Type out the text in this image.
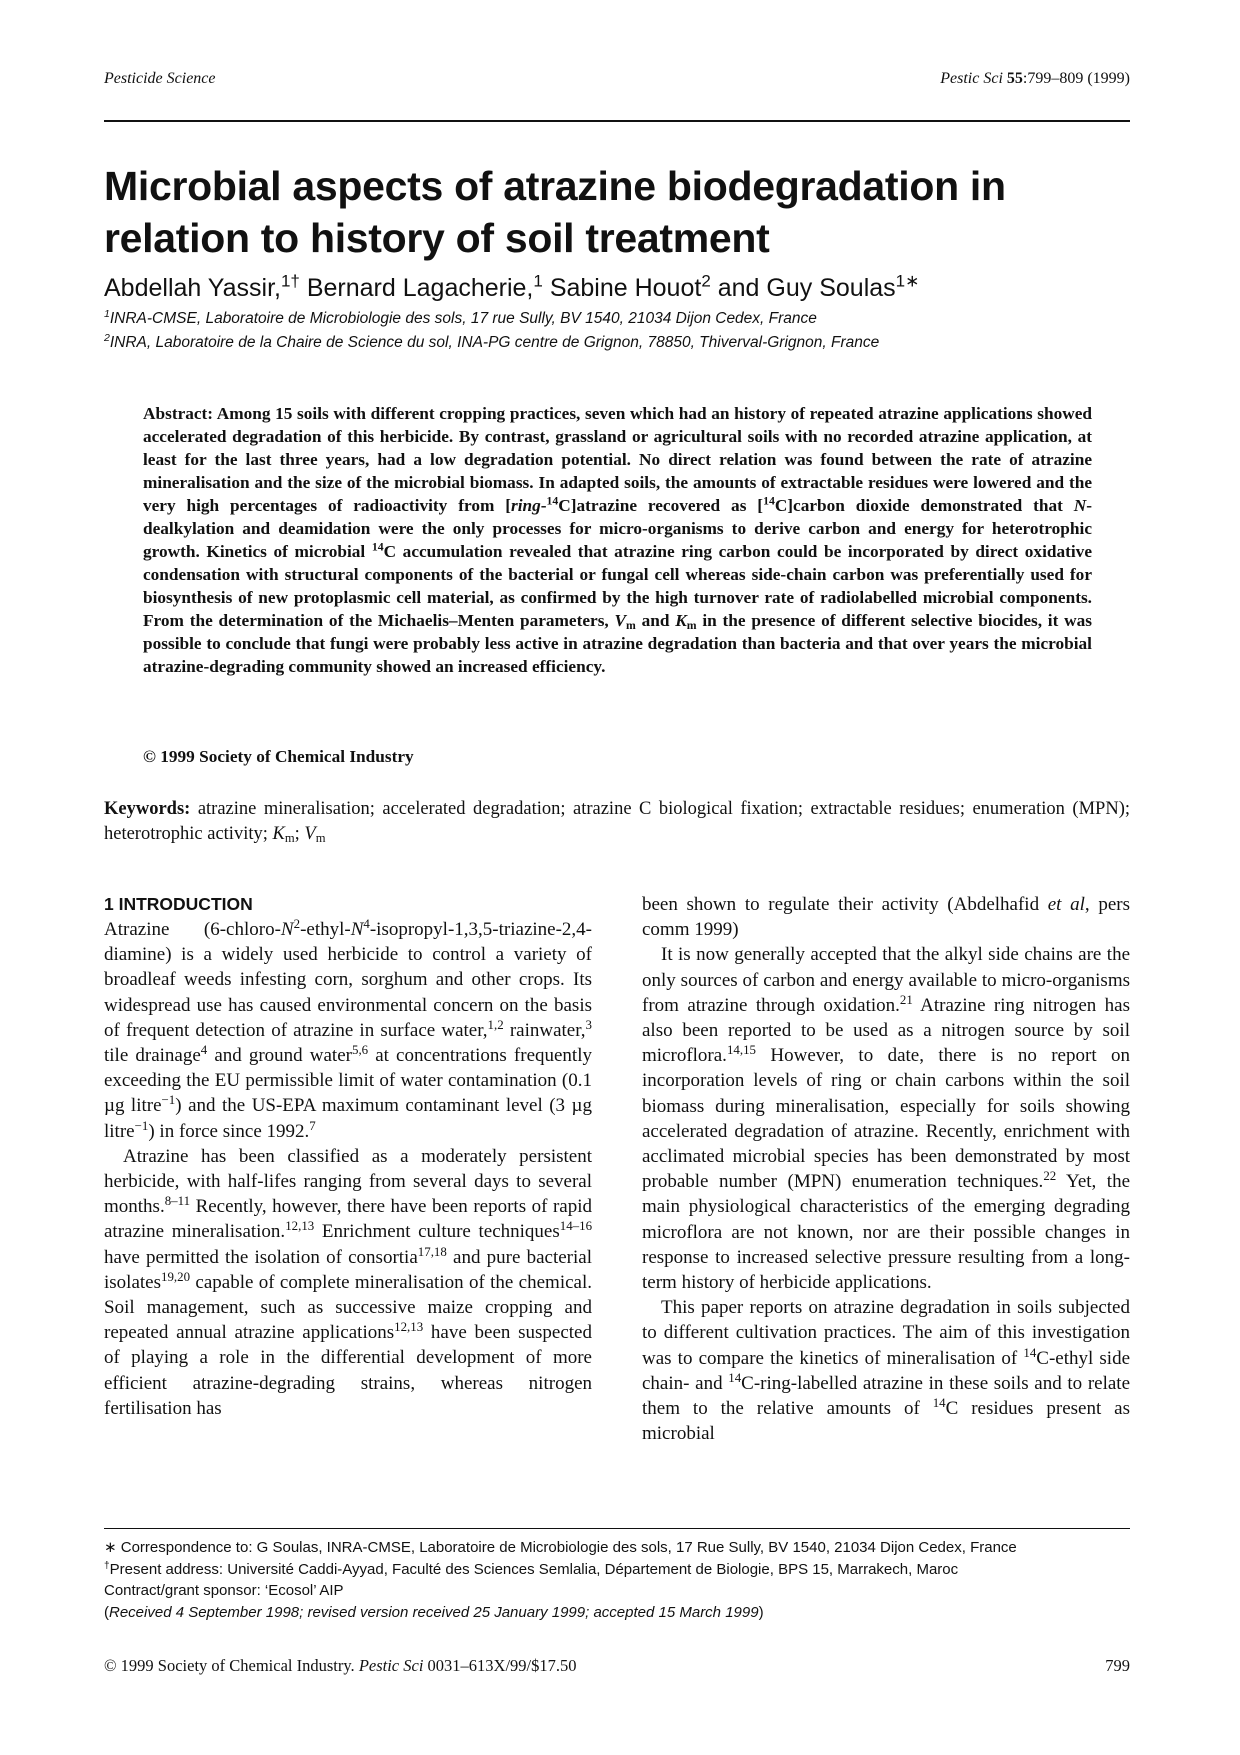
Pesticide Science	Pestic Sci 55:799–809 (1999)
Microbial aspects of atrazine biodegradation in
relation to history of soil treatment
Abdellah Yassir,$^{1\dagger}$ Bernard Lagacherie,$^1$ Sabine Houot$^2$ and Guy Soulas$^{1∗}$
$^1$INRA-CMSE, Laboratoire de Microbiologie des sols, 17 rue Sully, BV 1540, 21034 Dijon Cedex, France
$^2$INRA, Laboratoire de la Chaire de Science du sol, INA-PG centre de Grignon, 78850, Thiverval-Grignon, France
Abstract: Among 15 soils with different cropping practices, seven which had an history of repeated atrazine applications showed accelerated degradation of this herbicide. By contrast, grassland or agricultural soils with no recorded atrazine application, at least for the last three years, had a low degradation potential. No direct relation was found between the rate of atrazine mineralisation and the size of the microbial biomass. In adapted soils, the amounts of extractable residues were lowered and the very high percentages of radioactivity from [ring-$^{14}$C]atrazine recovered as [$^{14}$C]carbon dioxide demonstrated that N-dealkylation and deamidation were the only processes for micro-organisms to derive carbon and energy for heterotrophic growth. Kinetics of microbial $^{14}$C accumulation revealed that atrazine ring carbon could be incorporated by direct oxidative condensation with structural components of the bacterial or fungal cell whereas side-chain carbon was preferentially used for biosynthesis of new protoplasmic cell material, as confirmed by the high turnover rate of radiolabelled microbial components. From the determination of the Michaelis–Menten parameters, $V_m$ and $K_m$ in the presence of different selective biocides, it was possible to conclude that fungi were probably less active in atrazine degradation than bacteria and that over years the microbial atrazine-degrading community showed an increased efficiency.
© 1999 Society of Chemical Industry
Keywords: atrazine mineralisation; accelerated degradation; atrazine C biological fixation; extractable residues; enumeration (MPN); heterotrophic activity; $K_m$; $V_m$
1 INTRODUCTION

Atrazine $(6-chloro-N^2-ethyl-N^4-isopropyl-1,3,5-triazine-2,4-diamine)$ is a widely used herbicide to control a variety of broadleaf weeds infesting corn, sorghum and other crops. Its widespread use has caused environmental concern on the basis of frequent detection of atrazine in surface water,$^{1,2}$ rainwater,$^3$ tile drainage$^4$ and ground water$^{5,6}$ at concentrations frequently exceeding the EU permissible limit of water contamination (0.1 µg litre$^{-1}$) and the US-EPA maximum contaminant level (3 µg litre$^{-1}$) in force since 1992.$^7$

Atrazine has been classified as a moderately persistent herbicide, with half-lifes ranging from several days to several months.$^{8-11}$ Recently, however, there have been reports of rapid atrazine mineralisation.$^{12,13}$ Enrichment culture techniques$^{14-16}$ have permitted the isolation of consortia$^{17,18}$ and pure bacterial isolates$^{19,20}$ capable of complete mineralisation of the chemical. Soil management, such as successive maize cropping and repeated annual atrazine applications$^{12,13}$ have been suspected of playing a role in the differential development of more efficient atrazine-degrading strains, whereas nitrogen fertilisation has

been shown to regulate their activity (Abdelhafid et al, pers comm 1999)

It is now generally accepted that the alkyl side chains are the only sources of carbon and energy available to micro-organisms from atrazine through oxidation.$^{21}$ Atrazine ring nitrogen has also been reported to be used as a nitrogen source by soil microflora.$^{14,15}$ However, to date, there is no report on incorporation levels of ring or chain carbons within the soil biomass during mineralisation, especially for soils showing accelerated degradation of atrazine. Recently, enrichment with acclimated microbial species has been demonstrated by most probable number (MPN) enumeration techniques.$^{22}$ Yet, the main physiological characteristics of the emerging degrading microflora are not known, nor are their possible changes in response to increased selective pressure resulting from a long-term history of herbicide applications.

This paper reports on atrazine degradation in soils subjected to different cultivation practices. The aim of this investigation was to compare the kinetics of mineralisation of $^{14}$C-ethyl side chain- and $^{14}$C-ring-labelled atrazine in these soils and to relate them to the relative amounts of $^{14}$C residues present as microbial

∗ Correspondence to: G Soulas, INRA-CMSE, Laboratoire de Microbiologie des sols, 17 Rue Sully, BV 1540, 21034 Dijon Cedex, France
†Present address: Université Caddi-Ayyad, Faculté des Sciences Semlalia, Département de Biologie, BPS 15, Marrakech, Maroc
Contract/grant sponsor: ‘Ecosol’ AIP
(Received 4 September 1998; revised version received 25 January 1999; accepted 15 March 1999)
© 1999 Society of Chemical Industry. Pestic Sci 0031–613X/99/$17.50	799
